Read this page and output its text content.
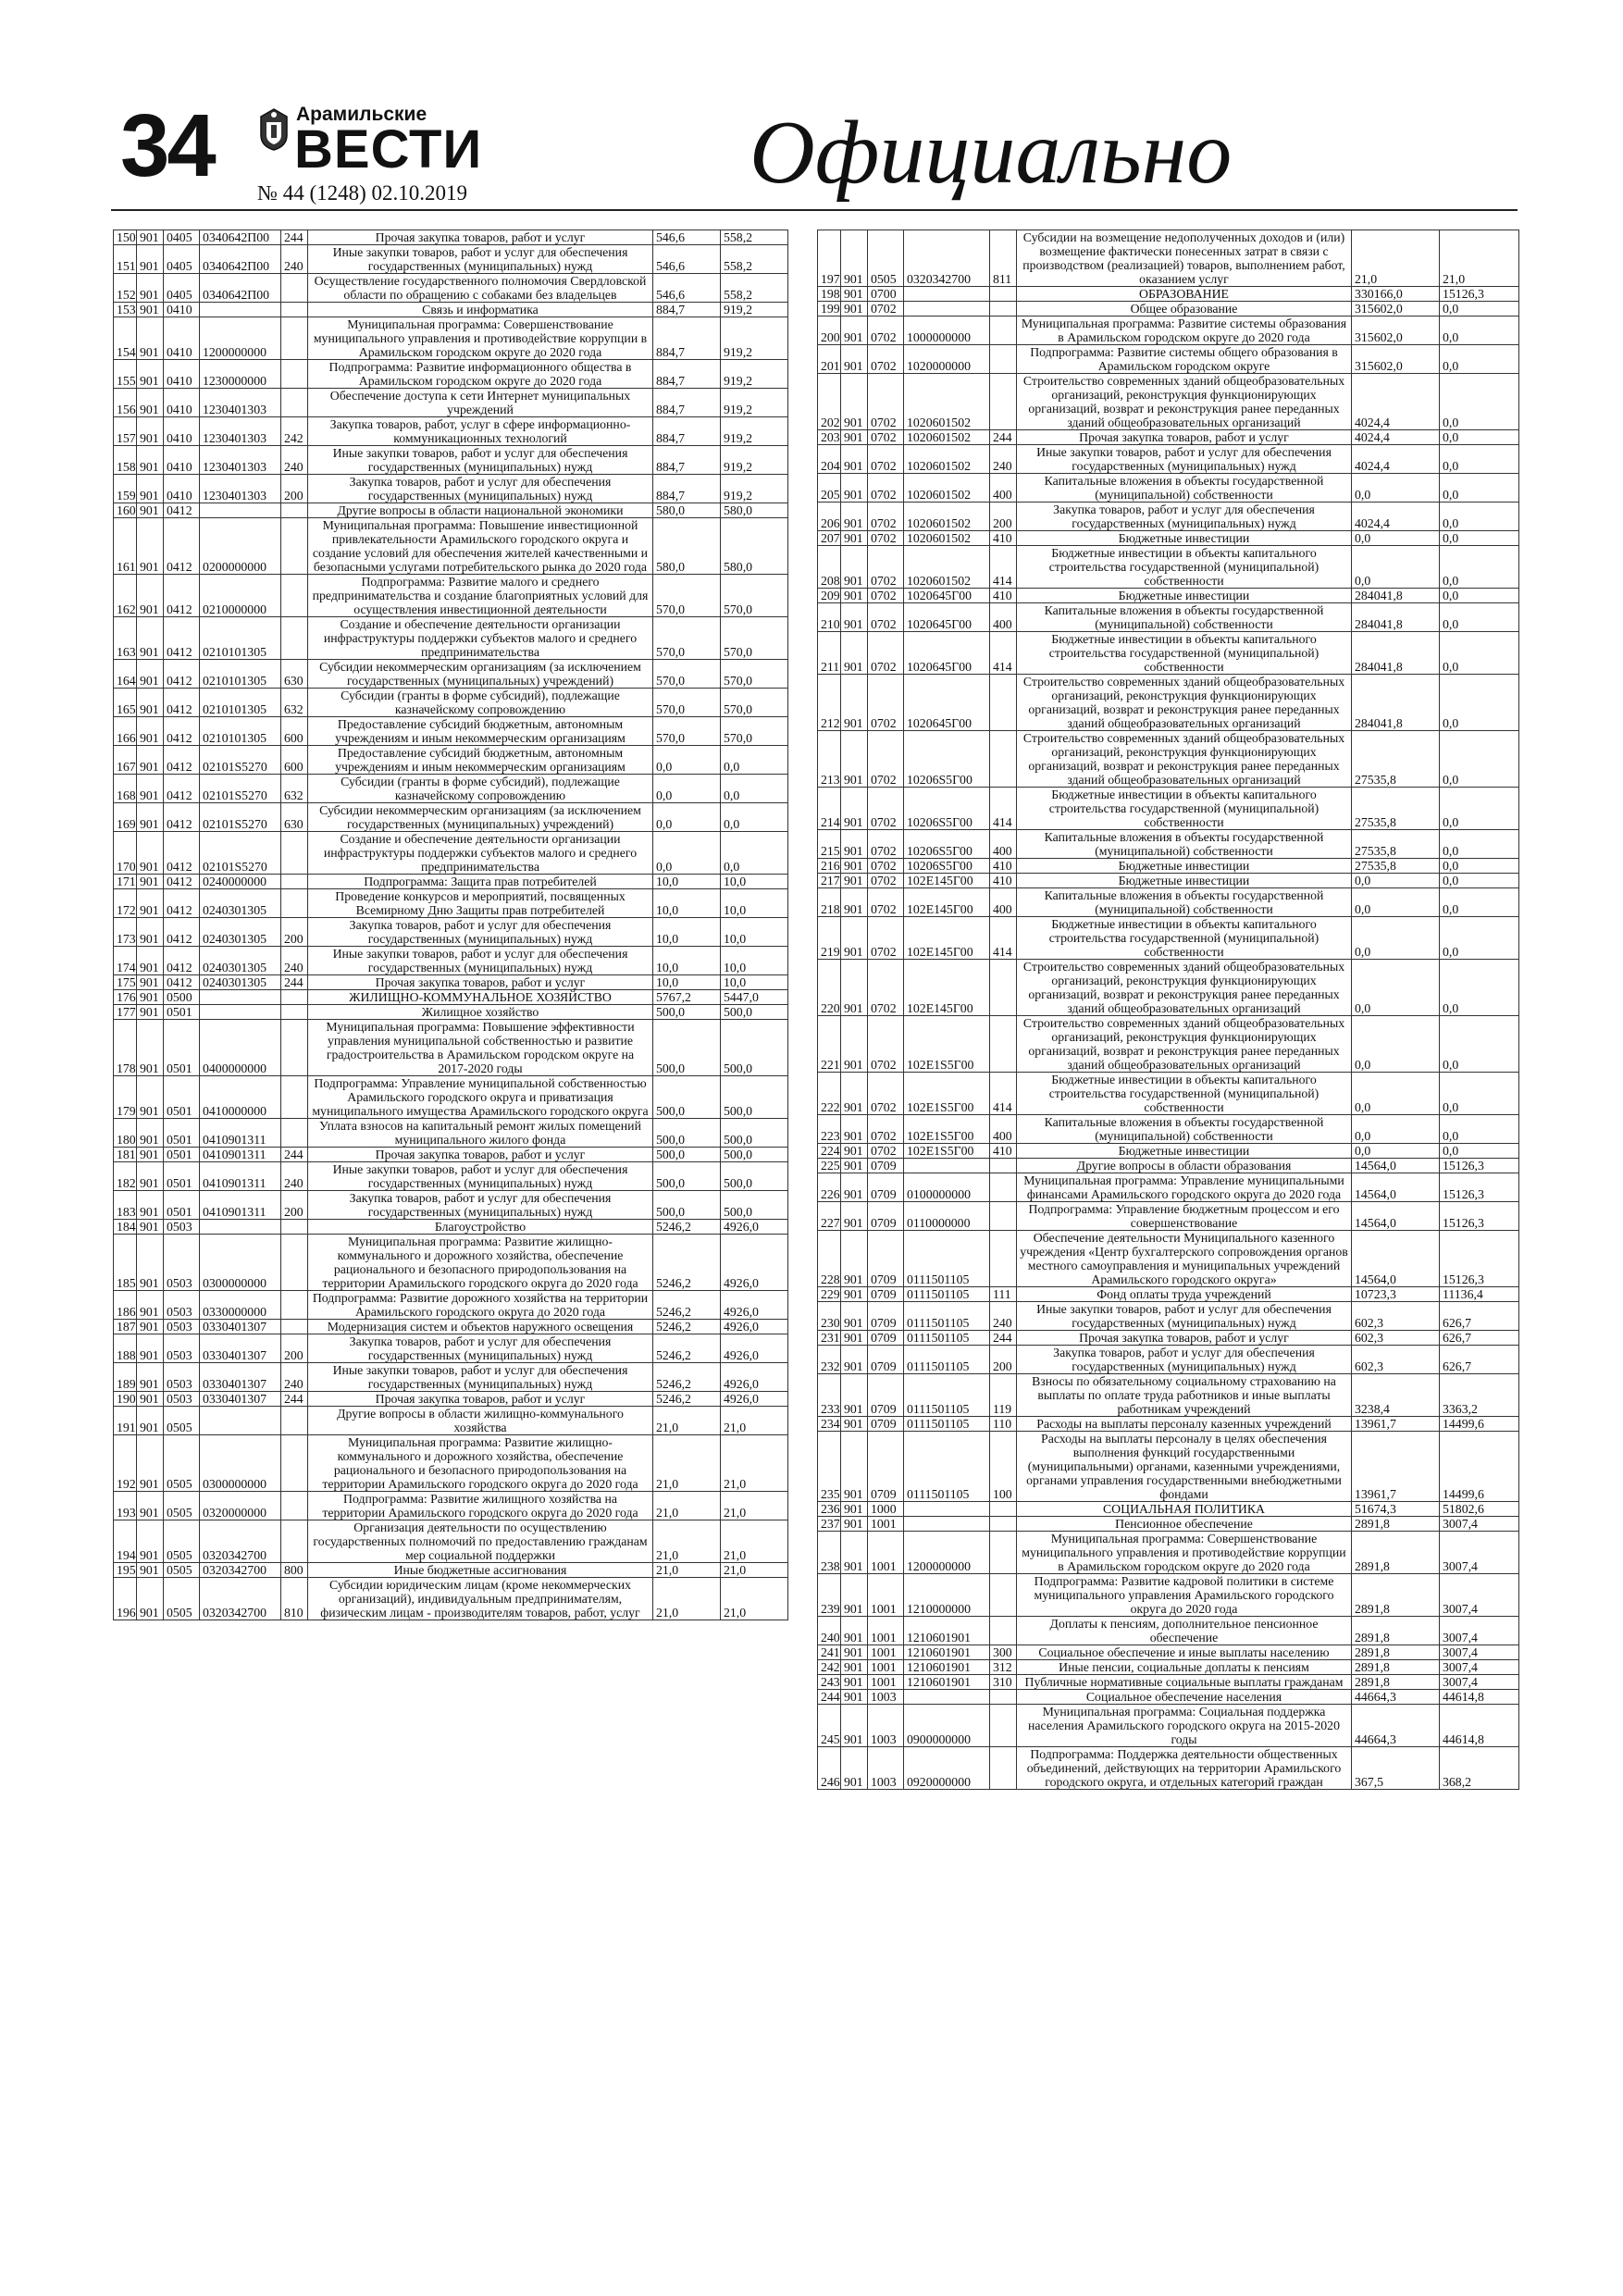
34	Арамильские
ВЕСТИ
№ 44 (1248) 02.10.2019	Официально
150	901	0405	0340642П00	244	Прочая закупка товаров, работ и услуг	546,6	558,2
151	901	0405	0340642П00	240	Иные закупки товаров, работ и услуг для обеспечения государственных (муниципальных) нужд	546,6	558,2
152	901	0405	0340642П00		Осуществление государственного полномочия Свердловской области по обращению с собаками без владельцев	546,6	558,2
153	901	0410			Связь и информатика	884,7	919,2
154	901	0410	1200000000		Муниципальная программа: Совершенствование муниципального управления и противодействие коррупции в Арамильском городском округе до 2020 года	884,7	919,2
155	901	0410	1230000000		Подпрограмма: Развитие информационного общества в Арамильском городском округе до 2020 года	884,7	919,2
156	901	0410	1230401303		Обеспечение доступа к сети Интернет муниципальных учреждений	884,7	919,2
157	901	0410	1230401303	242	Закупка товаров, работ, услуг в сфере информационно-коммуникационных технологий	884,7	919,2
158	901	0410	1230401303	240	Иные закупки товаров, работ и услуг для обеспечения государственных (муниципальных) нужд	884,7	919,2
159	901	0410	1230401303	200	Закупка товаров, работ и услуг для обеспечения государственных (муниципальных) нужд	884,7	919,2
160	901	0412			Другие вопросы в области национальной экономики	580,0	580,0
161	901	0412	0200000000		Муниципальная программа: Повышение инвестиционной привлекательности Арамильского городского округа и создание условий для обеспечения жителей качественными и безопасными услугами потребительского рынка до 2020 года	580,0	580,0
162	901	0412	0210000000		Подпрограмма: Развитие малого и среднего предпринимательства и создание благоприятных условий для осуществления инвестиционной деятельности	570,0	570,0
163	901	0412	0210101305		Создание и обеспечение деятельности организации инфраструктуры поддержки субъектов малого и среднего предпринимательства	570,0	570,0
164	901	0412	0210101305	630	Субсидии некоммерческим организациям (за исключением государственных (муниципальных) учреждений)	570,0	570,0
165	901	0412	0210101305	632	Субсидии (гранты в форме субсидий), подлежащие казначейскому сопровождению	570,0	570,0
166	901	0412	0210101305	600	Предоставление субсидий бюджетным, автономным учреждениям и иным некоммерческим организациям	570,0	570,0
167	901	0412	02101S5270	600	Предоставление субсидий бюджетным, автономным учреждениям и иным некоммерческим организациям	0,0	0,0
168	901	0412	02101S5270	632	Субсидии (гранты в форме субсидий), подлежащие казначейскому сопровождению	0,0	0,0
169	901	0412	02101S5270	630	Субсидии некоммерческим организациям (за исключением государственных (муниципальных) учреждений)	0,0	0,0
170	901	0412	02101S5270		Создание и обеспечение деятельности организации инфраструктуры поддержки субъектов малого и среднего предпринимательства	0,0	0,0
171	901	0412	0240000000		Подпрограмма: Защита прав потребителей	10,0	10,0
172	901	0412	0240301305		Проведение конкурсов и мероприятий, посвященных Всемирному Дню Защиты прав потребителей	10,0	10,0
173	901	0412	0240301305	200	Закупка товаров, работ и услуг для обеспечения государственных (муниципальных) нужд	10,0	10,0
174	901	0412	0240301305	240	Иные закупки товаров, работ и услуг для обеспечения государственных (муниципальных) нужд	10,0	10,0
175	901	0412	0240301305	244	Прочая закупка товаров, работ и услуг	10,0	10,0
176	901	0500			ЖИЛИЩНО-КОММУНАЛЬНОЕ ХОЗЯЙСТВО	5767,2	5447,0
177	901	0501			Жилищное хозяйство	500,0	500,0
178	901	0501	0400000000		Муниципальная программа: Повышение эффективности управления муниципальной собственностью и развитие градостроительства в Арамильском городском округе на 2017-2020 годы	500,0	500,0
179	901	0501	0410000000		Подпрограмма: Управление муниципальной собственностью Арамильского городского округа и приватизация муниципального имущества Арамильского городского округа	500,0	500,0
180	901	0501	0410901311		Уплата взносов на капитальный ремонт жилых помещений муниципального жилого фонда	500,0	500,0
181	901	0501	0410901311	244	Прочая закупка товаров, работ и услуг	500,0	500,0
182	901	0501	0410901311	240	Иные закупки товаров, работ и услуг для обеспечения государственных (муниципальных) нужд	500,0	500,0
183	901	0501	0410901311	200	Закупка товаров, работ и услуг для обеспечения государственных (муниципальных) нужд	500,0	500,0
184	901	0503			Благоустройство	5246,2	4926,0
185	901	0503	0300000000		Муниципальная программа: Развитие жилищно-коммунального и дорожного хозяйства, обеспечение рационального и безопасного природопользования на территории Арамильского городского округа до 2020 года	5246,2	4926,0
186	901	0503	0330000000		Подпрограмма: Развитие дорожного хозяйства на территории Арамильского городского округа до 2020 года	5246,2	4926,0
187	901	0503	0330401307		Модернизация систем и объектов наружного освещения	5246,2	4926,0
188	901	0503	0330401307	200	Закупка товаров, работ и услуг для обеспечения государственных (муниципальных) нужд	5246,2	4926,0
189	901	0503	0330401307	240	Иные закупки товаров, работ и услуг для обеспечения государственных (муниципальных) нужд	5246,2	4926,0
190	901	0503	0330401307	244	Прочая закупка товаров, работ и услуг	5246,2	4926,0
191	901	0505			Другие вопросы в области жилищно-коммунального хозяйства	21,0	21,0
192	901	0505	0300000000		Муниципальная программа: Развитие жилищно-коммунального и дорожного хозяйства, обеспечение рационального и безопасного природопользования на территории Арамильского городского округа до 2020 года	21,0	21,0
193	901	0505	0320000000		Подпрограмма: Развитие жилищного хозяйства на территории Арамильского городского округа до 2020 года	21,0	21,0
194	901	0505	0320342700		Организация деятельности по осуществлению государственных полномочий по предоставлению гражданам мер социальной поддержки	21,0	21,0
195	901	0505	0320342700	800	Иные бюджетные ассигнования	21,0	21,0
196	901	0505	0320342700	810	Субсидии юридическим лицам (кроме некоммерческих организаций), индивидуальным предпринимателям, физическим лицам - производителям товаров, работ, услуг	21,0	21,0
197	901	0505	0320342700	811	Субсидии на возмещение недополученных доходов и (или) возмещение фактически понесенных затрат в связи с производством (реализацией) товаров, выполнением работ, оказанием услуг	21,0	21,0
198	901	0700			ОБРАЗОВАНИЕ	330166,0	15126,3
199	901	0702			Общее образование	315602,0	0,0
200	901	0702	1000000000		Муниципальная программа: Развитие системы образования в Арамильском городском округе до 2020 года	315602,0	0,0
201	901	0702	1020000000		Подпрограмма: Развитие системы общего образования в Арамильском городском округе	315602,0	0,0
202	901	0702	1020601502		Строительство современных зданий общеобразовательных организаций, реконструкция функционирующих организаций, возврат и реконструкция ранее переданных зданий общеобразовательных организаций	4024,4	0,0
203	901	0702	1020601502	244	Прочая закупка товаров, работ и услуг	4024,4	0,0
204	901	0702	1020601502	240	Иные закупки товаров, работ и услуг для обеспечения государственных (муниципальных) нужд	4024,4	0,0
205	901	0702	1020601502	400	Капитальные вложения в объекты государственной (муниципальной) собственности	0,0	0,0
206	901	0702	1020601502	200	Закупка товаров, работ и услуг для обеспечения государственных (муниципальных) нужд	4024,4	0,0
207	901	0702	1020601502	410	Бюджетные инвестиции	0,0	0,0
208	901	0702	1020601502	414	Бюджетные инвестиции в объекты капитального строительства государственной (муниципальной) собственности	0,0	0,0
209	901	0702	1020645Г00	410	Бюджетные инвестиции	284041,8	0,0
210	901	0702	1020645Г00	400	Капитальные вложения в объекты государственной (муниципальной) собственности	284041,8	0,0
211	901	0702	1020645Г00	414	Бюджетные инвестиции в объекты капитального строительства государственной (муниципальной) собственности	284041,8	0,0
212	901	0702	1020645Г00		Строительство современных зданий общеобразовательных организаций, реконструкция функционирующих организаций, возврат и реконструкция ранее переданных зданий общеобразовательных организаций	284041,8	0,0
213	901	0702	10206S5Г00		Строительство современных зданий общеобразовательных организаций, реконструкция функционирующих организаций, возврат и реконструкция ранее переданных зданий общеобразовательных организаций	27535,8	0,0
214	901	0702	10206S5Г00	414	Бюджетные инвестиции в объекты капитального строительства государственной (муниципальной) собственности	27535,8	0,0
215	901	0702	10206S5Г00	400	Капитальные вложения в объекты государственной (муниципальной) собственности	27535,8	0,0
216	901	0702	10206S5Г00	410	Бюджетные инвестиции	27535,8	0,0
217	901	0702	102E145Г00	410	Бюджетные инвестиции	0,0	0,0
218	901	0702	102E145Г00	400	Капитальные вложения в объекты государственной (муниципальной) собственности	0,0	0,0
219	901	0702	102E145Г00	414	Бюджетные инвестиции в объекты капитального строительства государственной (муниципальной) собственности	0,0	0,0
220	901	0702	102E145Г00		Строительство современных зданий общеобразовательных организаций, реконструкция функционирующих организаций, возврат и реконструкция ранее переданных зданий общеобразовательных организаций	0,0	0,0
221	901	0702	102E1S5Г00		Строительство современных зданий общеобразовательных организаций, реконструкция функционирующих организаций, возврат и реконструкция ранее переданных зданий общеобразовательных организаций	0,0	0,0
222	901	0702	102E1S5Г00	414	Бюджетные инвестиции в объекты капитального строительства государственной (муниципальной) собственности	0,0	0,0
223	901	0702	102E1S5Г00	400	Капитальные вложения в объекты государственной (муниципальной) собственности	0,0	0,0
224	901	0702	102E1S5Г00	410	Бюджетные инвестиции	0,0	0,0
225	901	0709			Другие вопросы в области образования	14564,0	15126,3
226	901	0709	0100000000		Муниципальная программа: Управление муниципальными финансами Арамильского городского округа до 2020 года	14564,0	15126,3
227	901	0709	0110000000		Подпрограмма: Управление бюджетным процессом и его совершенствование	14564,0	15126,3
228	901	0709	0111501105		Обеспечение деятельности Муниципального казенного учреждения «Центр бухгалтерского сопровождения органов местного самоуправления и муниципальных учреждений Арамильского городского округа»	14564,0	15126,3
229	901	0709	0111501105	111	Фонд оплаты труда учреждений	10723,3	11136,4
230	901	0709	0111501105	240	Иные закупки товаров, работ и услуг для обеспечения государственных (муниципальных) нужд	602,3	626,7
231	901	0709	0111501105	244	Прочая закупка товаров, работ и услуг	602,3	626,7
232	901	0709	0111501105	200	Закупка товаров, работ и услуг для обеспечения государственных (муниципальных) нужд	602,3	626,7
233	901	0709	0111501105	119	Взносы по обязательному социальному страхованию на выплаты по оплате труда работников и иные выплаты работникам учреждений	3238,4	3363,2
234	901	0709	0111501105	110	Расходы на выплаты персоналу казенных учреждений	13961,7	14499,6
235	901	0709	0111501105	100	Расходы на выплаты персоналу в целях обеспечения выполнения функций государственными (муниципальными) органами, казенными учреждениями, органами управления государственными внебюджетными фондами	13961,7	14499,6
236	901	1000			СОЦИАЛЬНАЯ ПОЛИТИКА	51674,3	51802,6
237	901	1001			Пенсионное обеспечение	2891,8	3007,4
238	901	1001	1200000000		Муниципальная программа: Совершенствование муниципального управления и противодействие коррупции в Арамильском городском округе до 2020 года	2891,8	3007,4
239	901	1001	1210000000		Подпрограмма: Развитие кадровой политики в системе муниципального управления Арамильского городского округа до 2020 года	2891,8	3007,4
240	901	1001	1210601901		Доплаты к пенсиям, дополнительное пенсионное обеспечение	2891,8	3007,4
241	901	1001	1210601901	300	Социальное обеспечение и иные выплаты населению	2891,8	3007,4
242	901	1001	1210601901	312	Иные пенсии, социальные доплаты к пенсиям	2891,8	3007,4
243	901	1001	1210601901	310	Публичные нормативные социальные выплаты гражданам	2891,8	3007,4
244	901	1003			Социальное обеспечение населения	44664,3	44614,8
245	901	1003	0900000000		Муниципальная программа: Социальная поддержка населения Арамильского городского округа на 2015-2020 годы	44664,3	44614,8
246	901	1003	0920000000		Подпрограмма: Поддержка деятельности общественных объединений, действующих на территории Арамильского городского округа, и отдельных категорий граждан	367,5	368,2
